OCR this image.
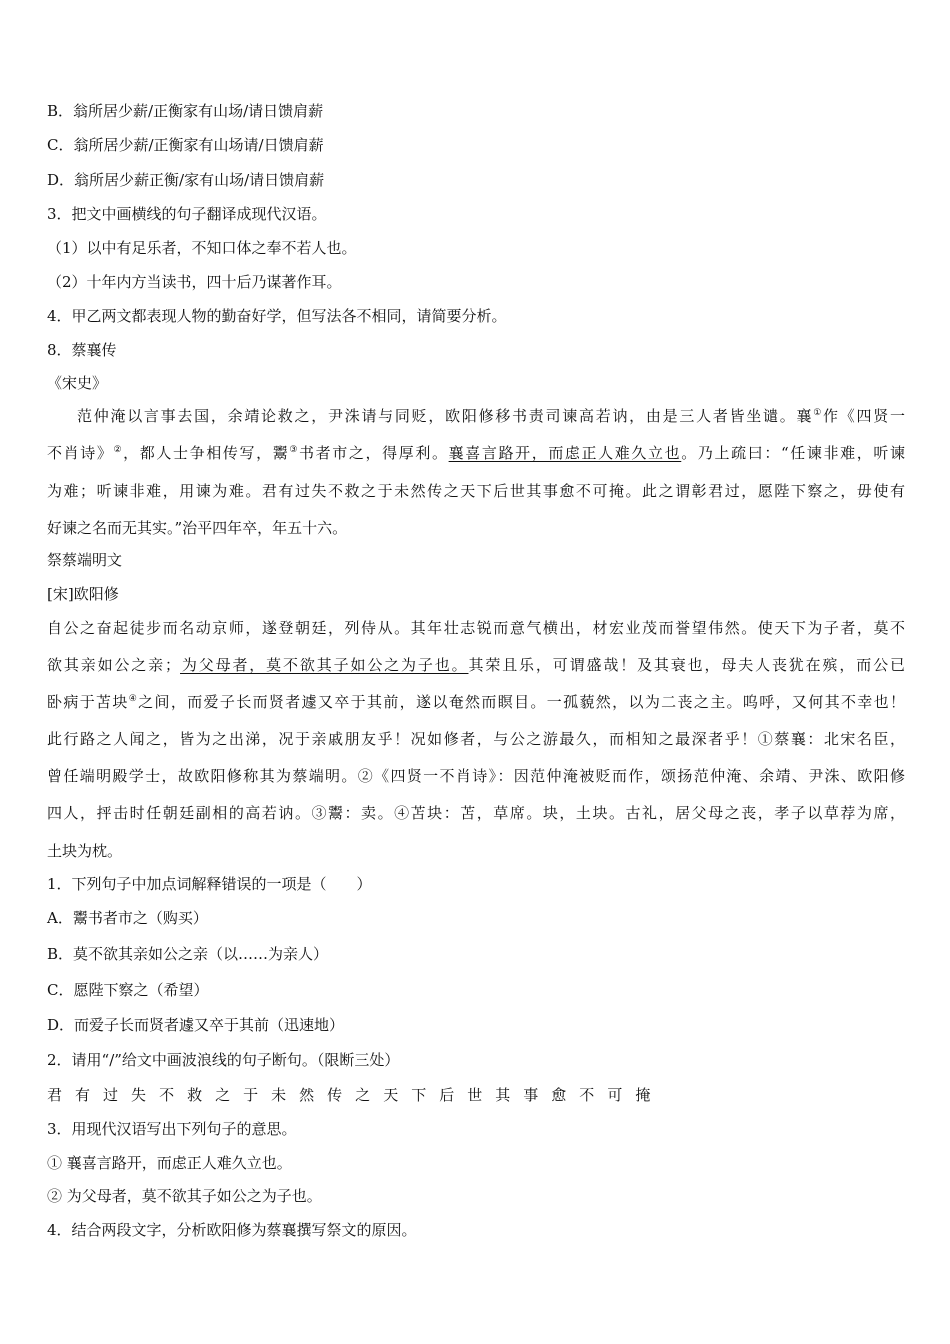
B．翁所居少薪/正衡家有山场/请日馈肩薪
C．翁所居少薪/正衡家有山场请/日馈肩薪
D．翁所居少薪正衡/家有山场/请日馈肩薪
3．把文中画横线的句子翻译成现代汉语。
（1）以中有足乐者，不知口体之奉不若人也。
（2）十年内方当读书，四十后乃谋著作耳。
4．甲乙两文都表现人物的勤奋好学，但写法各不相同，请简要分析。
8．蔡襄传
《宋史》
范仲淹以言事去国，余靖论救之，尹洙请与同贬，欧阳修移书责司谏高若讷，由是三人者皆坐谴。襄①作《四贤一
不肖诗》②，都人士争相传写，鬻③书者市之，得厚利。襄喜言路开，而虑正人难久立也。乃上疏曰：“任谏非难，听谏
为难；听谏非难，用谏为难。君有过失不救之于未然传之天下后世其事愈不可掩。此之谓彰君过，愿陛下察之，毋使有
好谏之名而无其实。”治平四年卒，年五十六。
祭蔡端明文
[宋]欧阳修
自公之奋起徒步而名动京师，遂登朝廷，列侍从。其年壮志锐而意气横出，材宏业茂而誉望伟然。使天下为子者，莫不
欲其亲如公之亲；为父母者，莫不欲其子如公之为子也。其荣且乐，可谓盛哉！及其衰也，母夫人丧犹在殡，而公已
卧病于苫块④之间，而爱子长而贤者遽又卒于其前，遂以奄然而瞑目。一孤藐然，以为二丧之主。呜呼，又何其不幸也！
此行路之人闻之，皆为之出涕，况于亲戚朋友乎！况如修者，与公之游最久，而相知之最深者乎！①蔡襄：北宋名臣，
曾任端明殿学士，故欧阳修称其为蔡端明。②《四贤一不肖诗》：因范仲淹被贬而作，颂扬范仲淹、余靖、尹洙、欧阳修
四人，抨击时任朝廷副相的高若讷。③鬻：卖。④苫块：苫，草席。块，土块。古礼，居父母之丧，孝子以草荐为席，
土块为枕。
1．下列句子中加点词解释错误的一项是（　　）
A．鬻书者市之（购买）
B．莫不欲其亲如公之亲（以……为亲人）
C．愿陛下察之（希望）
D．而爱子长而贤者遽又卒于其前（迅速地）
2．请用“/”给文中画波浪线的句子断句。（限断三处）
君 有 过 失 不 救 之 于 未 然 传 之 天 下 后 世 其 事 愈 不 可 掩
3．用现代汉语写出下列句子的意思。
① 襄喜言路开，而虑正人难久立也。
② 为父母者，莫不欲其子如公之为子也。
4．结合两段文字，分析欧阳修为蔡襄撰写祭文的原因。
